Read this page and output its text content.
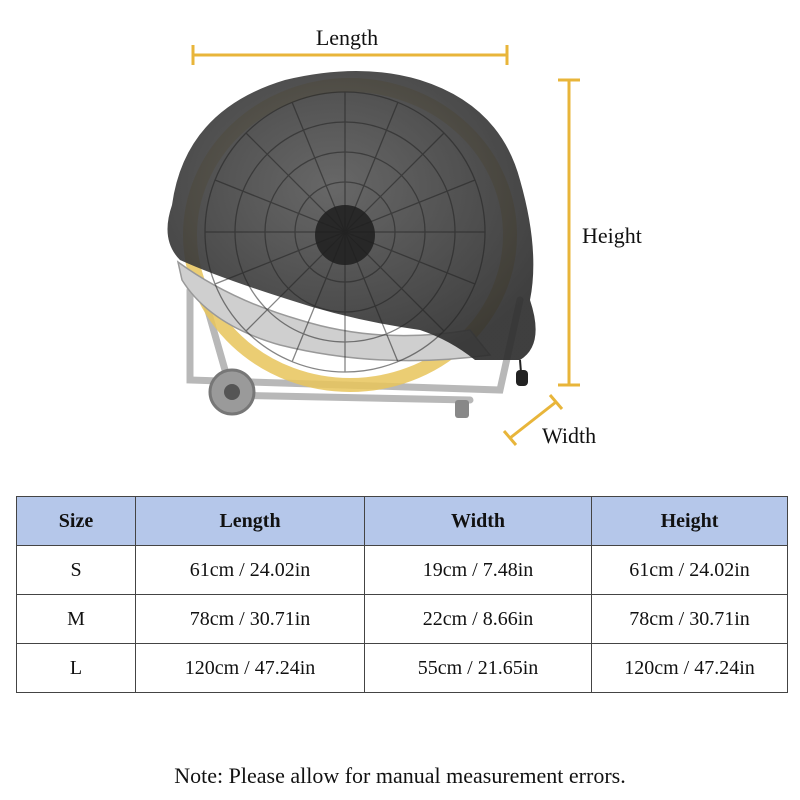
Length
Height
Width
Size	Length	Width	Height
S	61cm / 24.02in	19cm / 7.48in	61cm / 24.02in
M	78cm / 30.71in	22cm / 8.66in	78cm / 30.71in
L	120cm / 47.24in	55cm / 21.65in	120cm / 47.24in
Note: Please allow for manual measurement errors.
